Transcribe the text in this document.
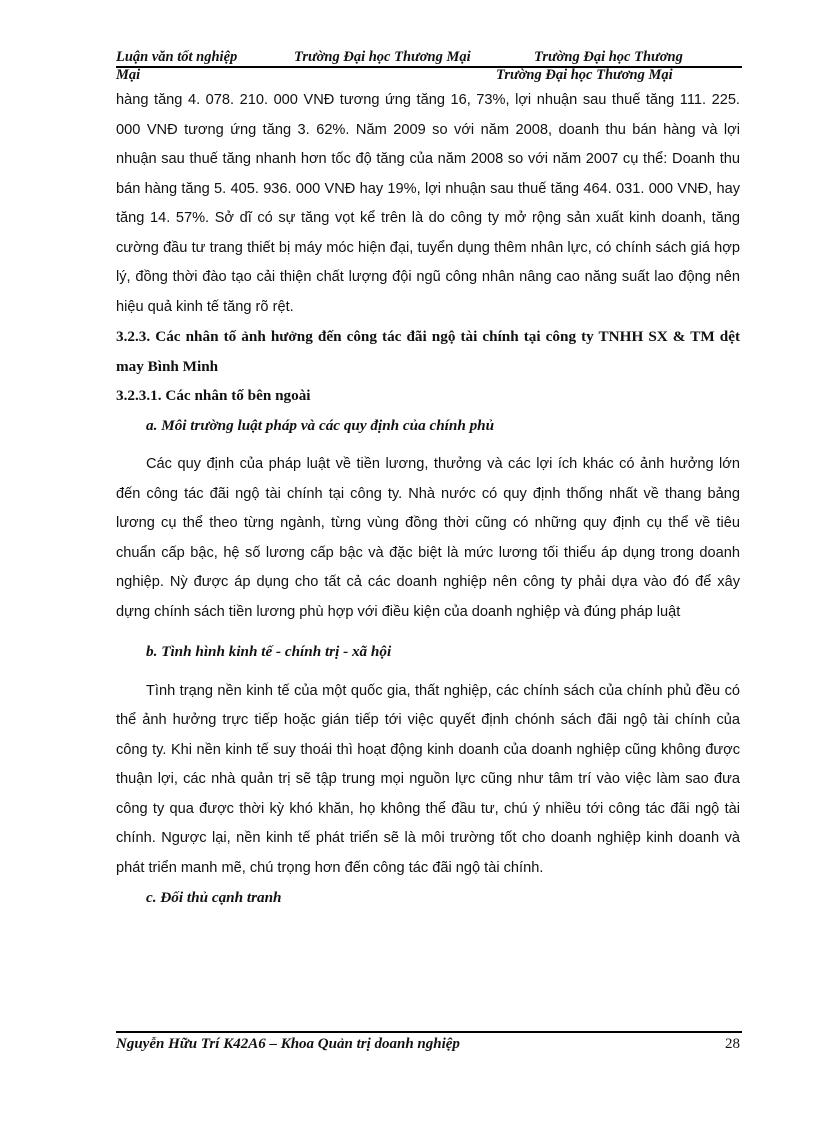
Luận văn tốt nghiệp	Trường Đại học Thương Mại	Trường Đại học Thương
Mại	Trường Đại học Thương Mại

hàng tăng 4. 078. 210. 000 VNĐ tương ứng tăng 16, 73%, lợi nhuận sau thuế tăng 111. 225. 000 VNĐ tương ứng tăng 3. 62%. Năm 2009 so với năm 2008, doanh thu bán hàng và lợi nhuận sau thuế tăng nhanh hơn tốc độ tăng của năm 2008 so với năm 2007 cụ thể: Doanh thu bán hàng tăng 5. 405. 936. 000 VNĐ hay 19%, lợi nhuận sau thuế tăng 464. 031. 000 VNĐ, hay tăng 14. 57%. Sở dĩ có sự tăng vọt kể trên là do công ty mở rộng sản xuất kinh doanh, tăng cường đầu tư trang thiết bị máy móc hiện đại, tuyển dụng thêm nhân lực, có chính sách giá hợp lý, đồng thời đào tạo cải thiện chất lượng đội ngũ công nhân nâng cao năng suất lao động nên hiệu quả kinh tế tăng rõ rệt.

3.2.3. Các nhân tố ảnh hưởng đến công tác đãi ngộ tài chính tại công ty TNHH SX & TM dệt may Bình Minh

3.2.3.1. Các nhân tố bên ngoài

a. Môi trường luật pháp và các quy định của chính phủ

Các quy định của pháp luật về tiền lương, thưởng và các lợi ích khác có ảnh hưởng lớn đến công tác đãi ngộ tài chính tại công ty. Nhà nước có quy định thống nhất về thang bảng lương cụ thể theo từng ngành, từng vùng đồng thời cũng có những quy định cụ thể về tiêu chuẩn cấp bậc, hệ số lương cấp bậc và đặc biệt là mức lương tối thiểu áp dụng trong doanh nghiệp. Nỳ được áp dụng cho tất cả các doanh nghiệp nên công ty phải dựa vào đó để xây dựng chính sách tiền lương phù hợp với điều kiện của doanh nghiệp và đúng pháp luật

b. Tình hình kinh tế - chính trị - xã hội

Tình trạng nền kinh tế của một quốc gia, thất nghiệp, các chính sách của chính phủ đều có thể ảnh hưởng trực tiếp hoặc gián tiếp tới việc quyết định chónh sách đãi ngộ tài chính của công ty. Khi nền kinh tế suy thoái thì hoạt động kinh doanh của doanh nghiệp cũng không được thuận lợi, các nhà quản trị sẽ tập trung mọi nguồn lực cũng như tâm trí vào việc làm sao đưa công ty qua được thời kỳ khó khăn, họ không thể đầu tư, chú ý nhiều tới công tác đãi ngộ tài chính. Ngược lại, nền kinh tế phát triển sẽ là môi trường tốt cho doanh nghiệp kinh doanh và phát triển manh mẽ, chú trọng hơn đến công tác đãi ngộ tài chính.

c. Đối thủ cạnh tranh

Nguyễn Hữu Trí K42A6 – Khoa Quản trị doanh nghiệp	28
